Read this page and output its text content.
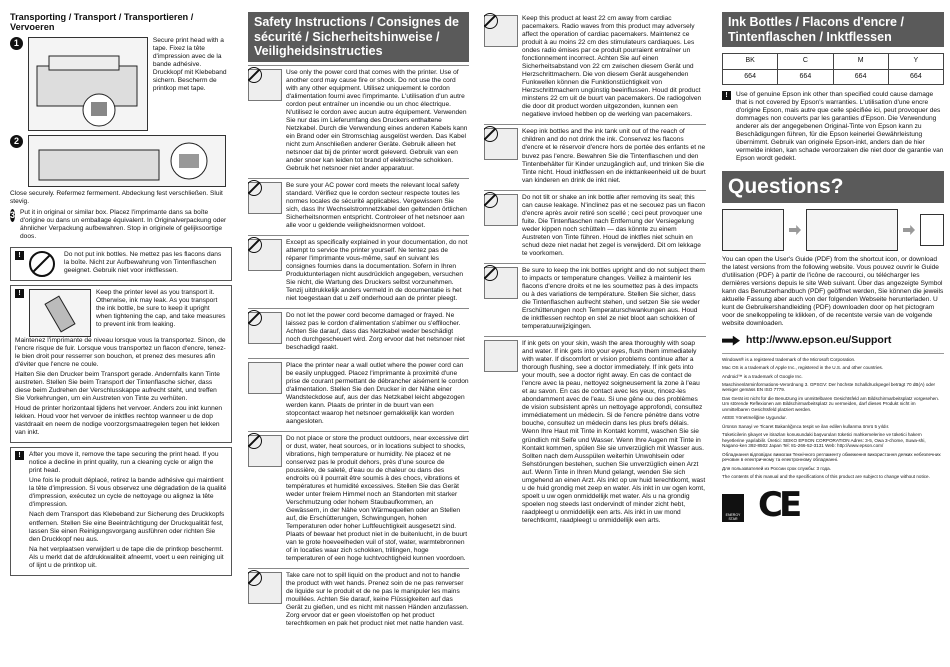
Transporting / Transport / Transportieren / Vervoeren
1	Secure print head with a tape. Fixez la tête d'impression avec de la bande adhésive. Druckkopf mit Klebeband sichern. Bescherm de printkop met tape.

2

Close securely. Refermez fermement. Abdeckung fest verschließen. Sluit stevig.

3 Put it in original or similar box. Placez l'imprimante dans sa boîte d'origine ou dans un emballage équivalent. In Originalverpackung oder ähnlicher Verpackung aufbewahren. Stop in originele of gelijksoortige doos.

!	Do not put ink bottles. Ne mettez pas les flacons dans la boîte. Nicht zur Aufbewahrung von Tintenflaschen geeignet. Gebruik niet voor inktflessen.

!	Keep the printer level as you transport it. Otherwise, ink may leak. As you transport the ink bottle, be sure to keep it upright when tightening the cap, and take measures to prevent ink from leaking.

Maintenez l'imprimante de niveau lorsque vous la transportez. Sinon, de l'encre risque de fuir. Lorsque vous transportez un flacon d'encre, tenez-le bien droit pour resserrer son bouchon, et prenez des mesures afin d'éviter que l'encre ne coule.

Halten Sie den Drucker beim Transport gerade. Andernfalls kann Tinte austreten. Stellen Sie beim Transport der Tintenflasche sicher, dass diese beim Zudrehen der Verschlusskappe aufrecht steht, und treffen Sie Vorkehrungen, um ein Austreten von Tinte zu verhüten.

Houd de printer horizontaal tijdens het vervoer. Anders zou inkt kunnen lekken. Houd voor het vervoer de inktfles rechtop wanneer u de dop vastdraait en neem de nodige voorzorgsmaatregelen tegen het lekken van inkt.

!	After you move it, remove the tape securing the print head. If you notice a decline in print quality, run a cleaning cycle or align the print head.

Une fois le produit déplacé, retirez la bande adhésive qui maintient la tête d'impression. Si vous observez une dégradation de la qualité d'impression, exécutez un cycle de nettoyage ou alignez la tête d'impression.

Nach dem Transport das Klebeband zur Sicherung des Druckkopfs entfernen. Stellen Sie eine Beeinträchtigung der Druckqualität fest, lassen Sie einen Reinigungsvorgang ausführen oder richten Sie den Druckkopf neu aus.

Na het verplaatsen verwijdert u de tape die de printkop beschermt. Als u merkt dat de afdrukkwaliteit afneemt, voert u een reiniging uit of lijnt u de printkop uit.

Safety Instructions / Consignes de sécurité / Sicherheitshinweise / Veiligheidsinstructies

Use only the power cord that comes with the printer. Use of another cord may cause fire or shock. Do not use the cord with any other equipment. Utilisez uniquement le cordon d'alimentation fourni avec l'imprimante. L'utilisation d'un autre cordon peut entraîner un incendie ou un choc électrique. N'utilisez le cordon avec aucun autre équipement. Verwenden Sie nur das im Lieferumfang des Druckers enthaltene Netzkabel. Durch die Verwendung eines anderen Kabels kann ein Brand oder ein Stromschlag ausgelöst werden. Das Kabel nicht zum Anschließen anderer Geräte. Gebruik alleen het netsnoer dat bij de printer wordt geleverd. Gebruik van een ander snoer kan leiden tot brand of elektrische schokken. Gebruik het netsnoer niet ander apparatuur.

Be sure your AC power cord meets the relevant local safety standard. Vérifiez que le cordon secteur respecte toutes les normes locales de sécurité applicables. Vergewissern Sie sich, dass Ihr Wechselstromnetzkabel den geltenden örtlichen Sicherheitsnormen entspricht. Controleer of het netsnoer aan alle voor u geldende veiligheidsnormen voldoet.

Except as specifically explained in your documentation, do not attempt to service the printer yourself. Ne tentez pas de réparer l'imprimante vous-même, sauf en suivant les consignes fournies dans la documentation. Sofern in Ihren Produktunterlagen nicht ausdrücklich angegeben, versuchen Sie nicht, die Wartung des Druckers selbst vorzunehmen. Tenzij uitdrukkelijk anders vermeld in de documentatie is het niet toegestaan dat u zelf onderhoud aan de printer pleegt.

Do not let the power cord become damaged or frayed. Ne laissez pas le cordon d'alimentation s'abîmer ou s'effilocher. Achten Sie darauf, dass das Netzkabel weder beschädigt noch durchgescheuert wird. Zorg ervoor dat het netsnoer niet beschadigd raakt.

Place the printer near a wall outlet where the power cord can be easily unplugged. Placez l'imprimante à proximité d'une prise de courant permettant de débrancher aisément le cordon d'alimentation. Stellen Sie den Drucker in der Nähe einer Wandsteckdose auf, aus der das Netzkabel leicht abgezogen werden kann. Plaats de printer in de buurt van een stopcontact waarop het netsnoer gemakkelijk kan worden aangesloten.

Do not place or store the product outdoors, near excessive dirt or dust, water, heat sources, or in locations subject to shocks, vibrations, high temperature or humidity. Ne placez et ne conservez pas le produit dehors, près d'une source de poussière, de saleté, d'eau ou de chaleur ou dans des endroits où il pourrait être soumis à des chocs, vibrations et températures et humidité excessives. Stellen Sie das Gerät weder unter freiem Himmel noch an Standorten mit starker Verschmutzung oder hohem Staubaufkommen, an Gewässern, in der Nähe von Wärmequellen oder an Stellen auf, die Erschütterungen, Schwingungen, hohen Temperaturen oder hoher Luftfeuchtigkeit ausgesetzt sind. Plaats of bewaar het product niet in de buitenlucht, in de buurt van te grote hoeveelheden vuil of stof, water, warmtebronnen of in locaties waar zich schokken, trillingen, hoge temperaturen of een hoge luchtvochtigheid kunnen voordoen.

Take care not to spill liquid on the product and not to handle the product with wet hands. Prenez soin de ne pas renverser de liquide sur le produit et de ne pas le manipuler les mains mouillées. Achten Sie darauf, keine Flüssigkeiten auf das Gerät zu gießen, und es nicht mit nassen Händen anzufassen. Zorg ervoor dat er geen vloeistoffen op het product terechtkomen en pak het product niet met natte handen vast.

Keep this product at least 22 cm away from cardiac pacemakers. Radio waves from this product may adversely affect the operation of cardiac pacemakers. Maintenez ce produit à au moins 22 cm des stimulateurs cardiaques. Les ondes radio émises par ce produit pourraient entraîner un fonctionnement incorrect. Achten Sie auf einen Sicherheitsabstand von 22 cm zwischen diesem Gerät und Herzschrittmachern. Die von diesem Gerät ausgehenden Funkwellen können die Funktionstüchtigkeit von Herzschrittmachern ungünstig beeinflussen. Houd dit product minstens 22 cm uit de buurt van pacemakers. De radiogolven die door dit product worden uitgezonden, kunnen een negatieve invloed hebben op de werking van pacemakers.

Keep ink bottles and the ink tank unit out of the reach of children and do not drink the ink. Conservez les flacons d'encre et le réservoir d'encre hors de portée des enfants et ne buvez pas l'encre. Bewahren Sie die Tintenflaschen und den Tintenbehälter für Kinder unzugänglich auf, und trinken Sie die Tinte nicht. Houd inktflessen en de inkttankeenheid uit de buurt van kinderen en drink de inkt niet.

Do not tilt or shake an ink bottle after removing its seal; this can cause leakage. N'inclinez pas et ne secouez pas un flacon d'encre après avoir retiré son scellé ; ceci peut provoquer une fuite. Die Tintenflaschen nach Entfernung der Versiegelung weder kippen noch schütteln — das könnte zu einem Austreten von Tinte führen. Houd de inktfles niet schuin en schud deze niet nadat het zegel is verwijderd. Dit om lekkage te voorkomen.

Be sure to keep the ink bottles upright and do not subject them to impacts or temperature changes. Veillez à maintenir les flacons d'encre droits et ne les soumettez pas à des impacts ou à des variations de température. Stellen Sie sicher, dass die Tintenflaschen aufrecht stehen, und setzen Sie sie weder Erschütterungen noch Temperaturschwankungen aus. Houd de inktflessen rechtop en stel ze niet bloot aan schokken of temperatuurwijzigingen.

If ink gets on your skin, wash the area thoroughly with soap and water. If ink gets into your eyes, flush them immediately with water. If discomfort or vision problems continue after a thorough flushing, see a doctor immediately. If ink gets into your mouth, see a doctor right away. En cas de contact de l'encre avec la peau, nettoyez soigneusement la zone à l'eau et au savon. En cas de contact avec les yeux, rincez-les abondamment avec de l'eau. Si une gêne ou des problèmes de vision subsistent après un nettoyage approfondi, consultez immédiatement un médecin. Si de l'encre pénètre dans votre bouche, consultez un médecin dans les plus brefs délais. Wenn Ihre Haut mit Tinte in Kontakt kommt, waschen Sie sie gründlich mit Seife und Wasser. Wenn Ihre Augen mit Tinte in Kontakt kommen, spülen Sie sie unverzüglich mit Wasser aus. Sollten nach dem Ausspülen weiterhin Unwohlsein oder Sehstörungen bestehen, suchen Sie unverzüglich einen Arzt auf. Wenn Tinte in Ihren Mund gelangt, wenden Sie sich umgehend an einen Arzt. Als inkt op uw huid terechtkomt, wast u de huid grondig met zeep en water. Als inkt in uw ogen komt, spoelt u uw ogen onmiddellijk met water. Als u na grondig spoelen nog steeds last ondervindt of minder zicht hebt, raadpleegt u onmiddellijk een arts. Als inkt in uw mond terechtkomt, raadpleegt u onmiddellijk een arts.

Ink Bottles / Flacons d'encre / Tintenflaschen / Inktflessen
BK	C	M	Y
664	664	664	664
!	Use of genuine Epson ink other than specified could cause damage that is not covered by Epson's warranties. L'utilisation d'une encre d'origine Epson, mais autre que celle spécifiée ici, peut provoquer des dommages non couverts par les garanties d'Epson. Die Verwendung anderer als der angegebenen Original-Tinte von Epson kann zu Beschädigungen führen, für die Epson keinerlei Gewährleistung übernimmt. Gebruik van originele Epson-inkt, anders dan de hier vermelde inkten, kan schade veroorzaken die niet door de garantie van Epson wordt gedekt.

Questions?

You can open the User's Guide (PDF) from the shortcut icon, or download the latest versions from the following website. Vous pouvez ouvrir le Guide d'utilisation (PDF) à partir de l'icône de raccourci, ou télécharger les dernières versions depuis le site Web suivant. Über das angezeigte Symbol kann das Benutzerhandbuch (PDF) geöffnet werden, Sie können die jeweils aktuelle Fassung aber auch von der folgenden Webseite herunterladen. U kunt de Gebruikershandleiding (PDF) downloaden door op het pictogram voor de snelkoppeling te klikken, of de recentste versie van de volgende website downloaden.

http://www.epson.eu/Support

Windows® is a registered trademark of the Microsoft Corporation.

Mac OS is a trademark of Apple Inc., registered in the U.S. and other countries.

Android™ is a trademark of Google Inc.

Maschinenlärminformations-Verordnung 3. GPSGV: Der höchste Schalldruckpegel beträgt 70 dB(A) oder weniger gemäss EN ISO 7779.

Das Gerät ist nicht für die Benutzung im unmittelbaren Gesichtsfeld am Bildschirmarbeitsplatz vorgesehen. Um störende Reflexionen am Bildschirmarbeitsplatz zu vermeiden, darf dieses Produkt nicht im unmittelbaren Gesichtsfeld platziert werden.

AEEE Yönetmeliğine Uygundur.

Ürünün Sanayi ve Ticaret Bakanlığınca tespit ve ilan edilen kullanma ömrü 5 yıldır.

Tüketicilerin şikayet ve itirazları konusundaki başvuruları tüketici mahkemelerine ve tüketici hakem heyetlerine yapılabilir. Üretici: SEIKO EPSON CORPORATION Adres: 3-5, Owa 3-chome, Suwa-shi, Nagano-ken 392-8502 Japan Tel: 81-266-52-3131 Web: http://www.epson.com/

Обладнання відповідає вимогам Технічного регламенту обмеження використання деяких небезпечних речовин в електричному та електронному обладнанні.

Для пользователей из России срок службы: 3 года.

The contents of this manual and the specifications of this product are subject to change without notice.

ENERGY STAR CE
